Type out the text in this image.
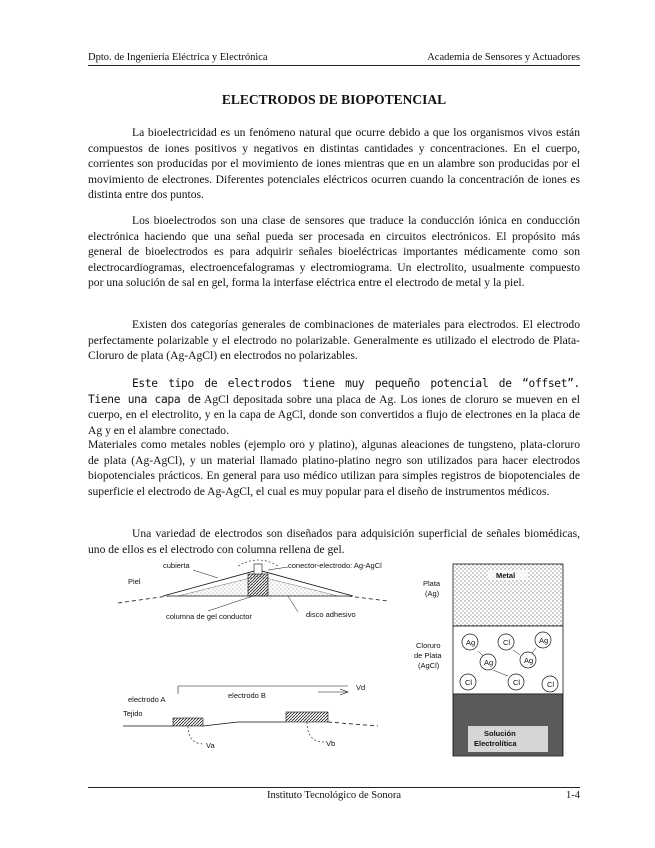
Dpto. de Ingeniería Eléctrica y Electrónica	Academia de Sensores y Actuadores
ELECTRODOS DE BIOPOTENCIAL

La bioelectricidad es un fenómeno natural que ocurre debido a que los organismos vivos están compuestos de iones positivos y negativos en distintas cantidades y concentraciones. En el cuerpo, corrientes son producidas por el movimiento de iones mientras que en un alambre son producidas por el movimiento de electrones. Diferentes potenciales eléctricos ocurren cuando la concentración de iones es distinta entre dos puntos.

Los bioelectrodos son una clase de sensores que traduce la conducción iónica en conducción electrónica haciendo que una señal pueda ser procesada en circuitos electrónicos. El propósito más general de bioelectrodos es para adquirir señales bioeléctricas importantes médicamente como son electrocardiogramas, electroencefalogramas y electromiograma. Un electrolito, usualmente compuesto por una solución de sal en gel, forma la interfase eléctrica entre el electrodo de metal y la piel.

Existen dos categorías generales de combinaciones de materiales para electrodos. El electrodo perfectamente polarizable y el electrodo no polarizable. Generalmente es utilizado el electrodo de Plata-Cloruro de plata (Ag-AgCl) en electrodos no polarizables.

Este tipo de electrodos tiene muy pequeño potencial de “offset”. Tiene una capa de AgCl depositada sobre una placa de Ag. Los iones de cloruro se mueven en el cuerpo, en el electrolito, y en la capa de AgCl, donde son convertidos a flujo de electrones en la placa de Ag y en el alambre conectado.

Materiales como metales nobles (ejemplo oro y platino), algunas aleaciones de tungsteno, plata-cloruro de plata (Ag-AgCl), y un material llamado platino-platino negro son utilizados para hacer electrodos biopotenciales prácticos. En general para uso médico utilizan para simples registros de biopotenciales de superficie el electrodo de Ag-AgCl, el cual es muy popular para el diseño de instrumentos médicos.

Una variedad de electrodos son diseñados para adquisición superficial de señales biomédicas, uno de ellos es el electrodo con columna rellena de gel.

Piel
cubierta	conector-electrodo: Ag-AgCl
columna de gel conductor	disco adhesivo
electrodo A	electrodo B
Tejido
Vd
Va	Vb
Ag	Cl	Ag
Ag	Ag
Cl	Cl	Cl
Plata
(Ag)
Metal
Cloruro
de Plata
(AgCl)
Solución
Electrolítica
Instituto Tecnológico de Sonora	1-4
